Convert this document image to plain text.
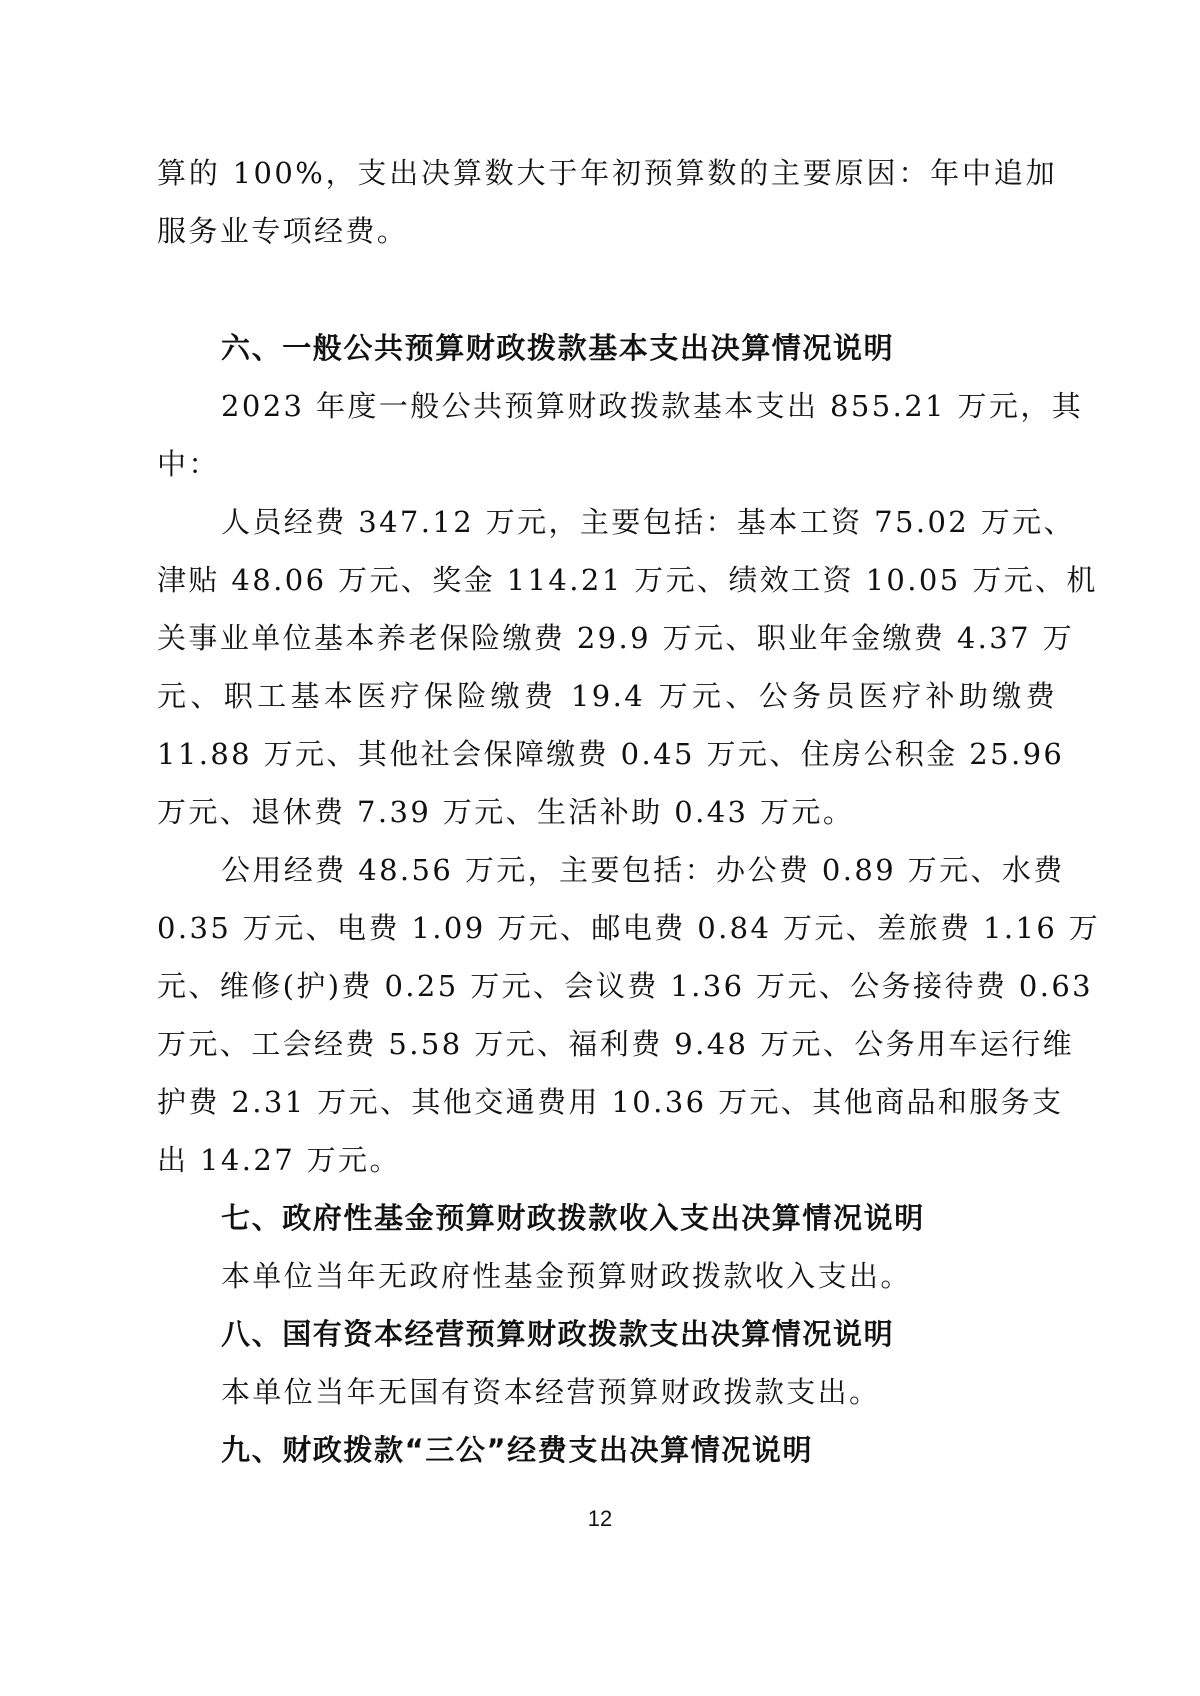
算的 100%，支出决算数大于年初预算数的主要原因：年中追加
服务业专项经费。
六、一般公共预算财政拨款基本支出决算情况说明
2023 年度一般公共预算财政拨款基本支出 855.21 万元，其
中：
人员经费 347.12 万元，主要包括：基本工资 75.02 万元、
津贴 48.06 万元、奖金 114.21 万元、绩效工资 10.05 万元、机
关事业单位基本养老保险缴费 29.9 万元、职业年金缴费 4.37 万
元、职工基本医疗保险缴费 19.4 万元、公务员医疗补助缴费
11.88 万元、其他社会保障缴费 0.45 万元、住房公积金 25.96
万元、退休费 7.39 万元、生活补助 0.43 万元。
公用经费 48.56 万元，主要包括：办公费 0.89 万元、水费
0.35 万元、电费 1.09 万元、邮电费 0.84 万元、差旅费 1.16 万
元、维修(护)费 0.25 万元、会议费 1.36 万元、公务接待费 0.63
万元、工会经费 5.58 万元、福利费 9.48 万元、公务用车运行维
护费 2.31 万元、其他交通费用 10.36 万元、其他商品和服务支
出 14.27 万元。
七、政府性基金预算财政拨款收入支出决算情况说明
本单位当年无政府性基金预算财政拨款收入支出。
八、国有资本经营预算财政拨款支出决算情况说明
本单位当年无国有资本经营预算财政拨款支出。
九、财政拨款“三公”经费支出决算情况说明
12
